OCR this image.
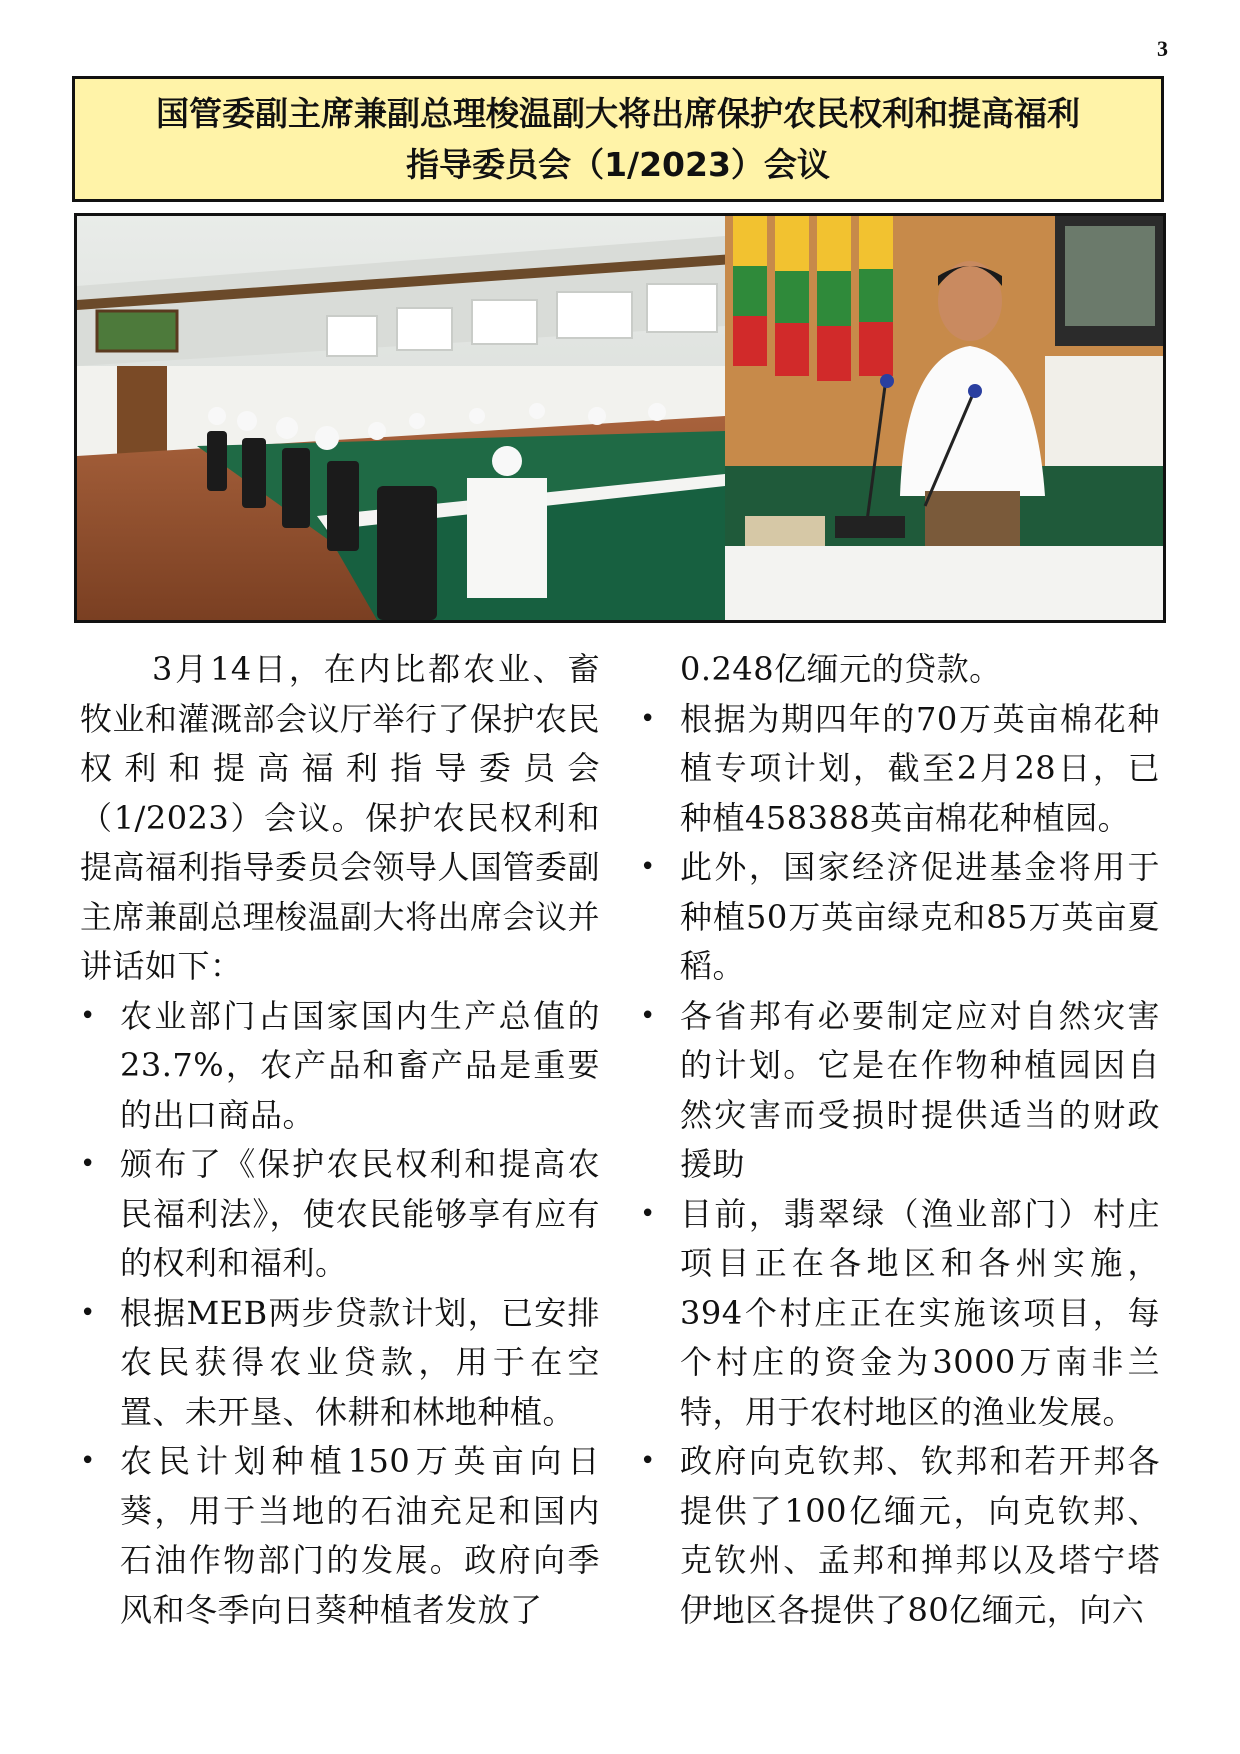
3
国管委副主席兼副总理梭温副大将出席保护农民权利和提高福利
指导委员会（1/2023）会议

3月14日，在内比都农业、畜牧业和灌溉部会议厅举行了保护农民权利和提高福利指导委员会（1/2023）会议。保护农民权利和提高福利指导委员会领导人国管委副主席兼副总理梭温副大将出席会议并讲话如下：

• 农业部门占国家国内生产总值的23.7%，农产品和畜产品是重要的出口商品。
• 颁布了《保护农民权利和提高农民福利法》，使农民能够享有应有的权利和福利。
• 根据MEB两步贷款计划，已安排农民获得农业贷款，用于在空置、未开垦、休耕和林地种植。
• 农民计划种植150万英亩向日葵，用于当地的石油充足和国内石油作物部门的发展。政府向季风和冬季向日葵种植者发放了

0.248亿缅元的贷款。

• 根据为期四年的70万英亩棉花种植专项计划，截至2月28日，已种植458388英亩棉花种植园。
• 此外，国家经济促进基金将用于种植50万英亩绿克和85万英亩夏稻。
• 各省邦有必要制定应对自然灾害的计划。它是在作物种植园因自然灾害而受损时提供适当的财政援助
• 目前，翡翠绿（渔业部门）村庄项目正在各地区和各州实施，394个村庄正在实施该项目，每个村庄的资金为3000万南非兰特，用于农村地区的渔业发展。
• 政府向克钦邦、钦邦和若开邦各提供了100亿缅元，向克钦邦、克钦州、孟邦和掸邦以及塔宁塔伊地区各提供了80亿缅元，向六
